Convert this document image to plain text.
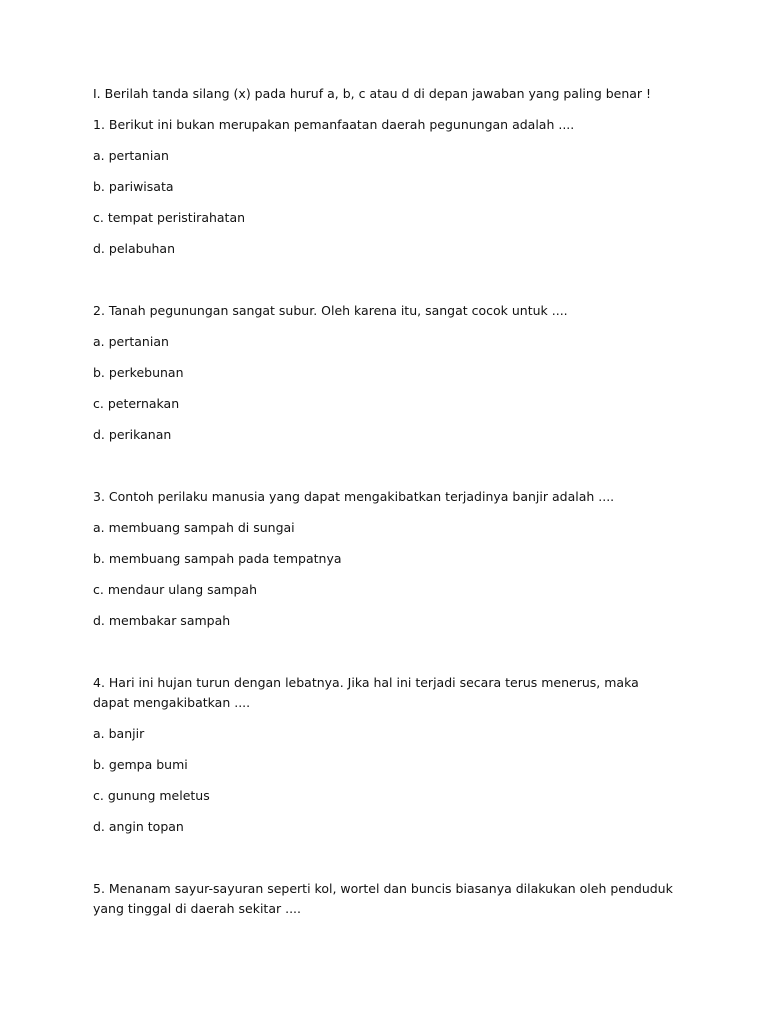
I. Berilah tanda silang (x) pada huruf a, b, c atau d di depan jawaban yang paling benar !

1. Berikut ini bukan merupakan pemanfaatan daerah pegunungan adalah ....

a. pertanian

b. pariwisata

c. tempat peristirahatan

d. pelabuhan

2. Tanah pegunungan sangat subur. Oleh karena itu, sangat cocok untuk ....

a. pertanian

b. perkebunan

c. peternakan

d. perikanan

3. Contoh perilaku manusia yang dapat mengakibatkan terjadinya banjir adalah ....

a. membuang sampah di sungai

b. membuang sampah pada tempatnya

c. mendaur ulang sampah

d. membakar sampah

4. Hari ini hujan turun dengan lebatnya. Jika hal ini terjadi secara terus menerus, maka dapat mengakibatkan ....

a. banjir

b. gempa bumi

c. gunung meletus

d. angin topan

5. Menanam sayur-sayuran seperti kol, wortel dan buncis biasanya dilakukan oleh penduduk yang tinggal di daerah sekitar ....
